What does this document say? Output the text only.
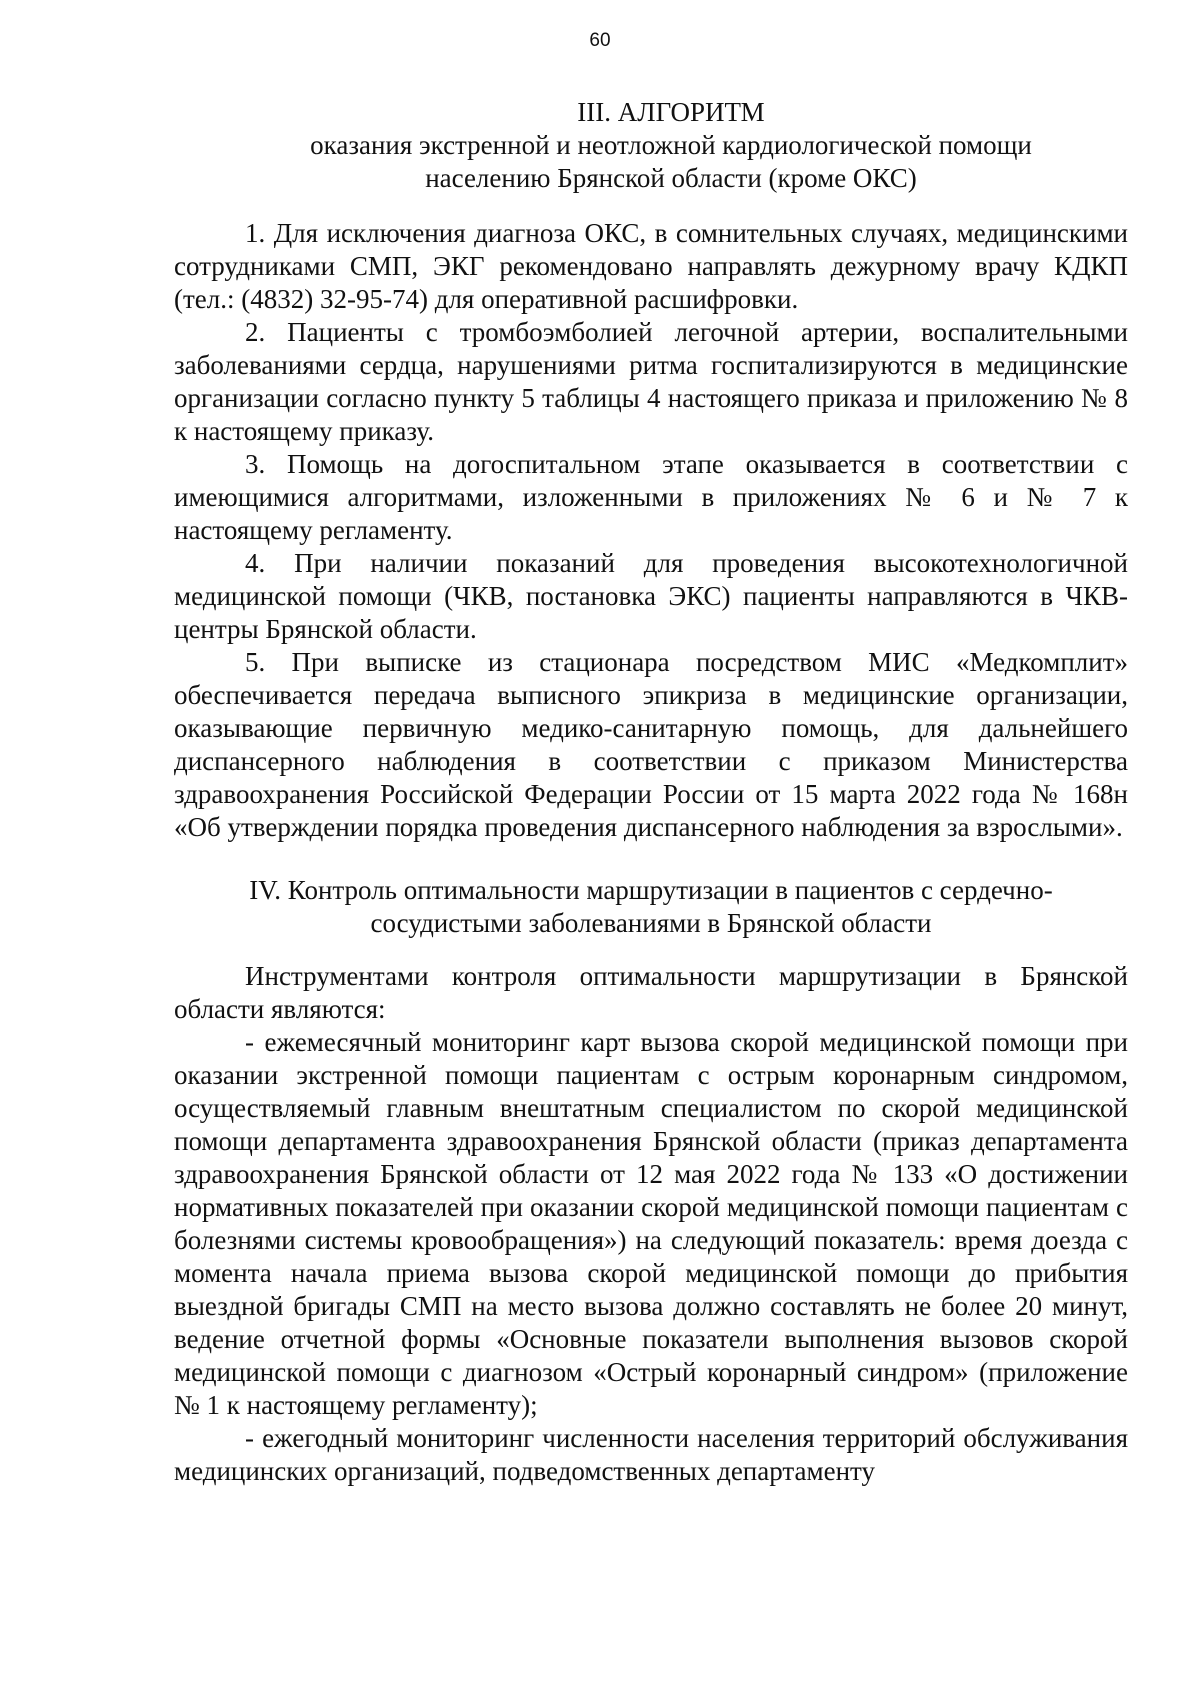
60
III. АЛГОРИТМ
оказания экстренной и неотложной кардиологической помощи
населению Брянской области (кроме ОКС)

1. Для исключения диагноза ОКС, в сомнительных случаях, медицинскими сотрудниками СМП, ЭКГ рекомендовано направлять дежурному врачу КДКП (тел.: (4832) 32-95-74) для оперативной расшифровки.

2. Пациенты с тромбоэмболией легочной артерии, воспалительными заболеваниями сердца, нарушениями ритма госпитализируются в медицинские организации согласно пункту 5 таблицы 4 настоящего приказа и приложению № 8 к настоящему приказу.

3. Помощь на догоспитальном этапе оказывается в соответствии с имеющимися алгоритмами, изложенными в приложениях № 6 и № 7 к настоящему регламенту.

4. При наличии показаний для проведения высокотехнологичной медицинской помощи (ЧКВ, постановка ЭКС) пациенты направляются в ЧКВ-центры Брянской области.

5. При выписке из стационара посредством МИС «Медкомплит» обеспечивается передача выписного эпикриза в медицинские организации, оказывающие первичную медико-санитарную помощь, для дальнейшего диспансерного наблюдения в соответствии с приказом Министерства здравоохранения Российской Федерации России от 15 марта 2022 года № 168н «Об утверждении порядка проведения диспансерного наблюдения за взрослыми».

IV. Контроль оптимальности маршрутизации в пациентов с сердечно-
сосудистыми заболеваниями в Брянской области

Инструментами контроля оптимальности маршрутизации в Брянской области являются:

- ежемесячный мониторинг карт вызова скорой медицинской помощи при оказании экстренной помощи пациентам с острым коронарным синдромом, осуществляемый главным внештатным специалистом по скорой медицинской помощи департамента здравоохранения Брянской области (приказ департамента здравоохранения Брянской области от 12 мая 2022 года № 133 «О достижении нормативных показателей при оказании скорой медицинской помощи пациентам с болезнями системы кровообращения») на следующий показатель: время доезда с момента начала приема вызова скорой медицинской помощи до прибытия выездной бригады СМП на место вызова должно составлять не более 20 минут, ведение отчетной формы «Основные показатели выполнения вызовов скорой медицинской помощи с диагнозом «Острый коронарный синдром» (приложение № 1 к настоящему регламенту);

- ежегодный мониторинг численности населения территорий обслуживания медицинских организаций, подведомственных департаменту
